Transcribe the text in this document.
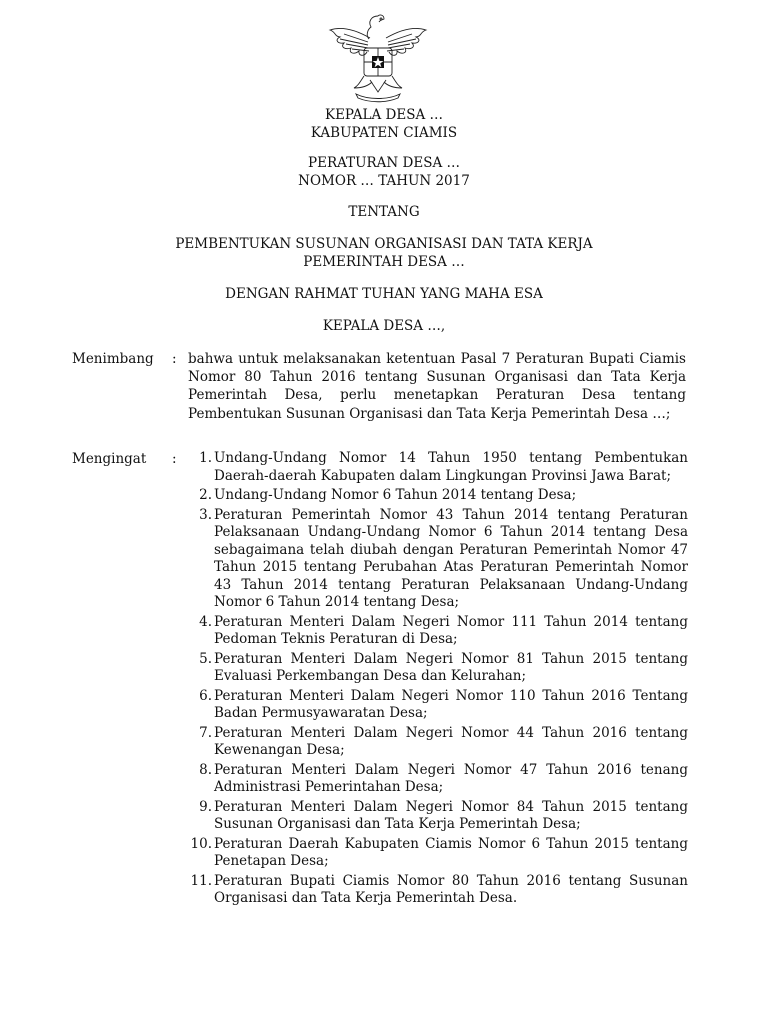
KEPALA DESA …
KABUPATEN CIAMIS
PERATURAN DESA …
NOMOR … TAHUN 2017
TENTANG
PEMBENTUKAN SUSUNAN ORGANISASI DAN TATA KERJA
PEMERINTAH DESA …
DENGAN RAHMAT TUHAN YANG MAHA ESA
KEPALA DESA …,
Menimbang	: bahwa untuk melaksanakan ketentuan Pasal 7 Peraturan Bupati Ciamis Nomor 80 Tahun 2016 tentang Susunan Organisasi dan Tata Kerja Pemerintah Desa, perlu menetapkan Peraturan Desa tentang Pembentukan Susunan Organisasi dan Tata Kerja Pemerintah Desa …;

Mengingat	:	1. Undang-Undang Nomor 14 Tahun 1950 tentang Pembentukan Daerah-daerah Kabupaten dalam Lingkungan Provinsi Jawa Barat;
2. Undang-Undang Nomor 6 Tahun 2014 tentang Desa;
3. Peraturan Pemerintah Nomor 43 Tahun 2014 tentang Peraturan Pelaksanaan Undang-Undang Nomor 6 Tahun 2014 tentang Desa sebagaimana telah diubah dengan Peraturan Pemerintah Nomor 47 Tahun 2015 tentang Perubahan Atas Peraturan Pemerintah Nomor 43 Tahun 2014 tentang Peraturan Pelaksanaan Undang-Undang Nomor 6 Tahun 2014 tentang Desa;
4. Peraturan Menteri Dalam Negeri Nomor 111 Tahun 2014 tentang Pedoman Teknis Peraturan di Desa;
5. Peraturan Menteri Dalam Negeri Nomor 81 Tahun 2015 tentang Evaluasi Perkembangan Desa dan Kelurahan;
6. Peraturan Menteri Dalam Negeri Nomor 110 Tahun 2016 Tentang Badan Permusyawaratan Desa;
7. Peraturan Menteri Dalam Negeri Nomor 44 Tahun 2016 tentang Kewenangan Desa;
8. Peraturan Menteri Dalam Negeri Nomor 47 Tahun 2016 tenang Administrasi Pemerintahan Desa;
9. Peraturan Menteri Dalam Negeri Nomor 84 Tahun 2015 tentang Susunan Organisasi dan Tata Kerja Pemerintah Desa;
10. Peraturan Daerah Kabupaten Ciamis Nomor 6 Tahun 2015 tentang Penetapan Desa;
11. Peraturan Bupati Ciamis Nomor 80 Tahun 2016 tentang Susunan Organisasi dan Tata Kerja Pemerintah Desa.
